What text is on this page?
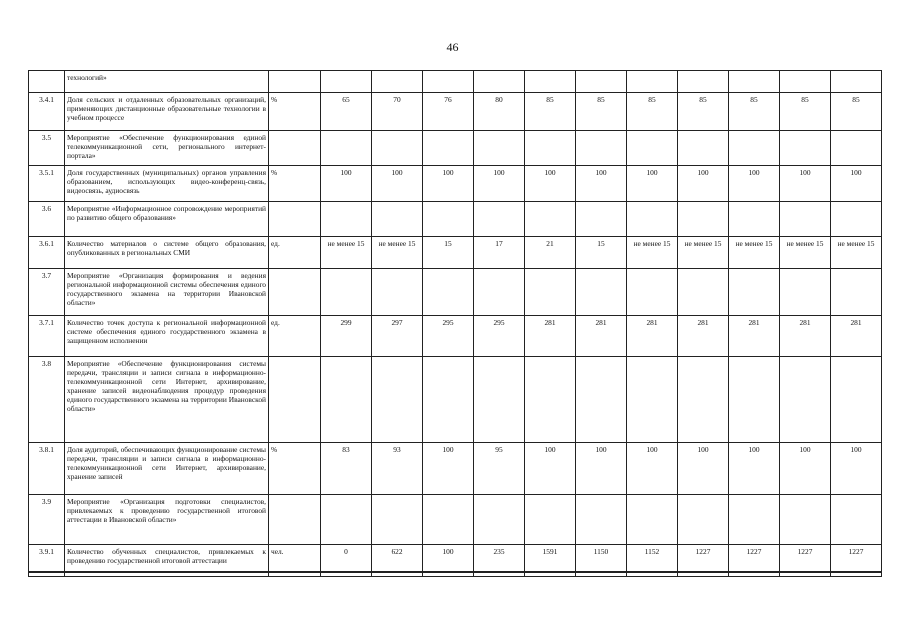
46
	технологий»												
3.4.1	Доля сельских и отдаленных образовательных организаций, применяющих дистанционные образовательные технологии в учебном процессе	%	65	70	76	80	85	85	85	85	85	85	85
3.5	Мероприятие «Обеспечение функционирования единой телекоммуникационной сети, регионального интернет-портала»												
3.5.1	Доля государственных (муниципальных) органов управления образованием, использующих видео-конференц-связь, видеосвязь, аудиосвязь	%	100	100	100	100	100	100	100	100	100	100	100
3.6	Мероприятие «Информационное сопровождение мероприятий по развитию общего образования»												
3.6.1	Количество материалов о системе общего образования, опубликованных в региональных СМИ	ед.	не менее 15	не менее 15	15	17	21	15	не менее 15	не менее 15	не менее 15	не менее 15	не менее 15
3.7	Мероприятие «Организация формирования и ведения региональной информационной системы обеспечения единого государственного экзамена на территории Ивановской области»												
3.7.1	Количество точек доступа к региональной информационной системе обеспечения единого государственного экзамена в защищенном исполнении	ед.	299	297	295	295	281	281	281	281	281	281	281
3.8	Мероприятие «Обеспечение функционирования системы передачи, трансляции и записи сигнала в информационно-телекоммуникационной сети Интернет, архивирование, хранение записей видеонаблюдения процедур проведения единого государственного экзамена на территории Ивановской области»												
3.8.1	Доля аудиторий, обеспечивающих функционирование системы передачи, трансляции и записи сигнала в информационно-телекоммуникационной сети Интернет, архивирование, хранение записей	%	83	93	100	95	100	100	100	100	100	100	100
3.9	Мероприятие «Организация подготовки специалистов, привлекаемых к проведению государственной итоговой аттестации в Ивановской области»												
3.9.1	Количество обученных специалистов, привлекаемых к проведению государственной итоговой аттестации	чел.	0	622	100	235	1591	1150	1152	1227	1227	1227	1227
